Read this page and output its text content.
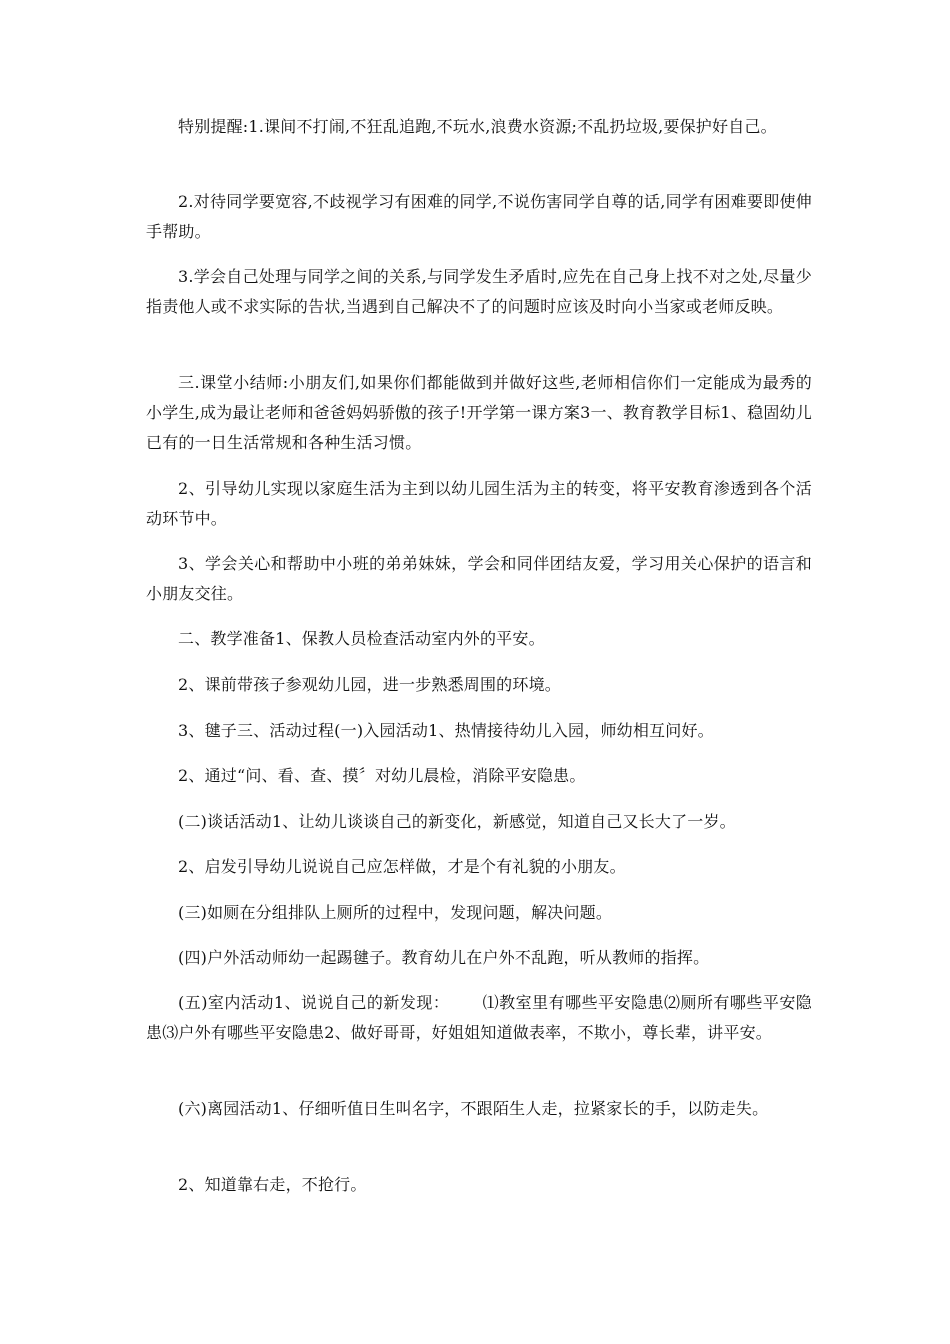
特别提醒:1.课间不打闹,不狂乱追跑,不玩水,浪费水资源;不乱扔垃圾,要保护好自己。

2.对待同学要宽容,不歧视学习有困难的同学,不说伤害同学自尊的话,同学有困难要即使伸手帮助。

3.学会自己处理与同学之间的关系,与同学发生矛盾时,应先在自己身上找不对之处,尽量少指责他人或不求实际的告状,当遇到自己解决不了的问题时应该及时向小当家或老师反映。

三.课堂小结师:小朋友们,如果你们都能做到并做好这些,老师相信你们一定能成为最秀的小学生,成为最让老师和爸爸妈妈骄傲的孩子!开学第一课方案3一、教育教学目标1、稳固幼儿已有的一日生活常规和各种生活习惯。

2、引导幼儿实现以家庭生活为主到以幼儿园生活为主的转变，将平安教育渗透到各个活动环节中。

3、学会关心和帮助中小班的弟弟妹妹，学会和同伴团结友爱，学习用关心保护的语言和小朋友交往。

二、教学准备1、保教人员检查活动室内外的平安。

2、课前带孩子参观幼儿园，进一步熟悉周围的环境。

3、毽子三、活动过程(一)入园活动1、热情接待幼儿入园，师幼相互问好。

2、通过“问、看、查、摸〞对幼儿晨检，消除平安隐患。

(二)谈话活动1、让幼儿谈谈自己的新变化，新感觉，知道自己又长大了一岁。

2、启发引导幼儿说说自己应怎样做，才是个有礼貌的小朋友。

(三)如厕在分组排队上厕所的过程中，发现问题，解决问题。

(四)户外活动师幼一起踢毽子。教育幼儿在户外不乱跑，听从教师的指挥。

(五)室内活动1、说说自己的新发现：      ⑴教室里有哪些平安隐患⑵厕所有哪些平安隐患⑶户外有哪些平安隐患2、做好哥哥，好姐姐知道做表率，不欺小，尊长辈，讲平安。

(六)离园活动1、仔细听值日生叫名字，不跟陌生人走，拉紧家长的手，以防走失。

2、知道靠右走，不抢行。
